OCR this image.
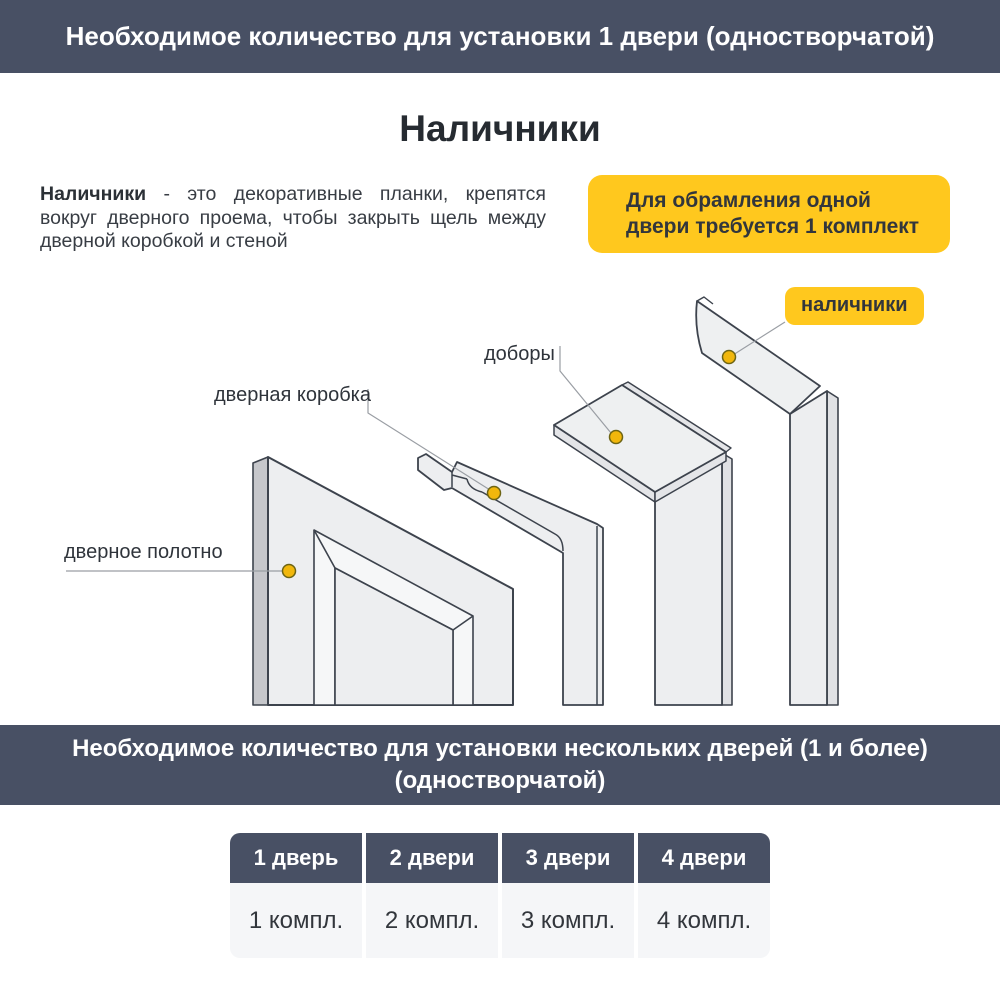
Необходимое количество для установки 1 двери (одностворчатой)
Наличники
Наличники - это декоративные планки, крепятся вокруг дверного проема, чтобы закрыть щель между дверной коробкой и стеной
Для обрамления одной двери требуется 1 комплект
дверное полотно
дверная коробка
доборы
наличники
Необходимое количество для установки нескольких дверей (1 и более)
(одностворчатой)
1 дверь	2 двери	3 двери	4 двери
1 компл.	2 компл.	3 компл.	4 компл.
